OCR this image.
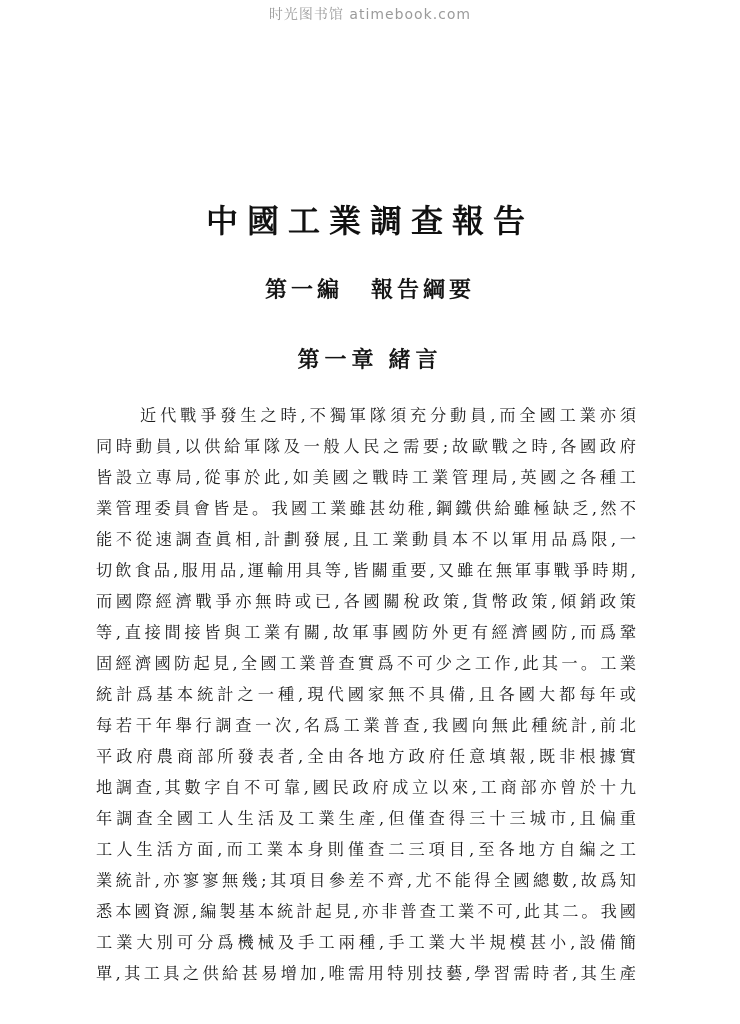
时光图书馆 atimebook.com
中國工業調查報告
第一編 報告綱要
第一章 緒言
近代戰爭發生之時,不獨軍隊須充分動員,而全國工業亦須
同時動員,以供給軍隊及一般人民之需要;故歐戰之時,各國政府
皆設立專局,從事於此,如美國之戰時工業管理局,英國之各種工
業管理委員會皆是。我國工業雖甚幼稚,鋼鐵供給雖極缺乏,然不
能不從速調查眞相,計劃發展,且工業動員本不以軍用品爲限,一
切飲食品,服用品,運輸用具等,皆關重要,又雖在無軍事戰爭時期,
而國際經濟戰爭亦無時或已,各國關稅政策,貨幣政策,傾銷政策
等,直接間接皆與工業有關,故軍事國防外更有經濟國防,而爲鞏
固經濟國防起見,全國工業普查實爲不可少之工作,此其一。工業
統計爲基本統計之一種,現代國家無不具備,且各國大都每年或
每若干年舉行調查一次,名爲工業普查,我國向無此種統計,前北
平政府農商部所發表者,全由各地方政府任意填報,既非根據實
地調查,其數字自不可靠,國民政府成立以來,工商部亦曾於十九
年調查全國工人生活及工業生產,但僅查得三十三城市,且偏重
工人生活方面,而工業本身則僅查二三項目,至各地方自編之工
業統計,亦寥寥無幾;其項目參差不齊,尤不能得全國總數,故爲知
悉本國資源,編製基本統計起見,亦非普查工業不可,此其二。我國
工業大別可分爲機械及手工兩種,手工業大半規模甚小,設備簡
單,其工具之供給甚易增加,唯需用特別技藝,學習需時者,其生產
